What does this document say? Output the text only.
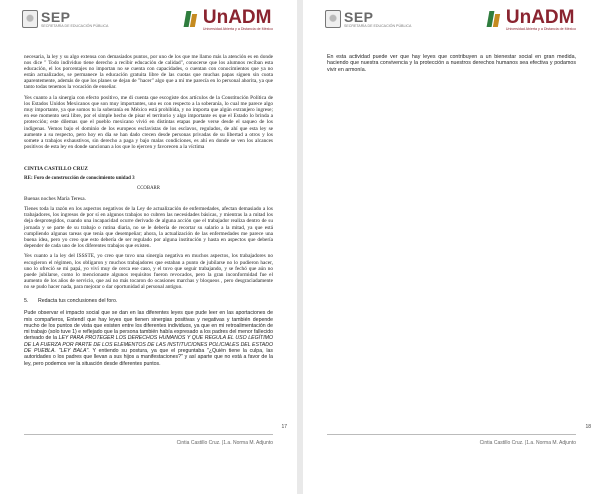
SEP
SECRETARÍA DE EDUCACIÓN PÚBLICA	UnADM
Universidad Abierta y a Distancia de México

necesaria, la ley y su algo extensa con demasiados puntos, por uno de los que me llamo más la atención es en donde nos dice " Todo individuo tiene derecho a recibir educación de calidad", conocerse que los alumnos reciban esta educación, el los porcentajes no importan no se cuenta con capacidades, o cuentan con conocimientos que ya no están actualizados, se permanece la educación gratuita libre de las cuotas que muchas papas siguen sin cuota aparentemente, además de que los planes se dejan de "hacer" algo que a mí me parecía en lo personal ahorita, ya que tanto todas tenemos la vocación de enseñar.

Yes cuanto a la sinergia con efecto positivo, me di cuenta que escogiste dos artículos de la Constitución Política de los Estados Unidos Mexicanos que son muy importantes, uno es con respecto a la soberanía, lo cual me parece algo muy importante, ya que somos tu la soberanía en México está prohibida, y no importa que algún extranjero ingrese; en ese momento será libre, por el simple hecho de pisar el territorio y algo importante es que el Estado lo brinda a protección; este dilemas que el pueblo mexicano vivió en distintas etapas puede verse desde el saqueo de los indígenas. Vemos bajo el dominio de los europeos esclavistas de los esclavos, regulados, de ahí que esta ley se aumente a su respecto, pero hoy en día se han dado crecen desde personas privadas de su libertad a otros y los somete a trabajos exhaustivos, sin derecho a paga y bajo malas condiciones, es ahí en donde se ven los alcances positivos de esta ley en donde sancionan a los que lo ejercen y favorecen a la víctima

CINTIA CASTILLO CRUZ

RE: Foro de construcción de conocimiento unidad 3

CCOBARR

Buenas noches María Teresa.

Tienes toda la razón en los aspectos negativos de la Ley de actualización de enfermedades, afectan demasiado a los trabajadores, los ingresos de por sí en algunos trabajos no cubren las necesidades básicas, y mientras la a mitad los deja desprotegidos, cuando una incapacidad ocurre derivado de alguna acción que el trabajador realiza dentro de su jornada y se parte de su trabajo o rutina diaria, no se le debería de recortar su salario a la mitad, ya que está cumpliendo algunas tareas que tenía que desempeñar; ahora, la actualización de las enfermedades me parece una buena idea, pero yo creo que esto debería de ser regulado por alguna institución y hasta en aspectos que debería depender de cada uno de los diferentes trabajos que existen.

Yes cuanto a la ley del ISSSTE, yo creo que tuvo una sinergia negativa en muchos aspectos, los trabajadores no escogieron el régimen, los obligaron y muchos trabajadores que estaban a punto de jubilarse no lo pudieron hacer, uno lo ofreció se mi papá, yo viví muy de cerca ese caso, y el tuvo que seguir trabajando, y se fechó que aún no puede jubilarse, como lo mencionaste algunos requisitos fueron revocados, pero la gran inconformidad fue el aumento de los años de servicio, que así no más tocaron do ocasiones marchas y bloqueos , pero desgraciadamente no se pudo hacer nada, para mejorar o dar oportunidad al personal antiguo.

5.	Redacta tus conclusiones del foro.

Pude observar el impacto social que se dan en las diferentes leyes que pude leer en las aportaciones de mis compañeros, Entendí que hay leyes que tienen sinergias positivas y negativas y también depende mucho de los puntos de vista que existen entre los diferentes individuos, ya que en mi retroalimentación de mi trabajo (solo tuve 1) e reflejado que la persona también había expresado a los padres del menor fallecido derivado de la LEY PARA PROTEGER LOS DERECHOS HUMANOS Y QUE REGULA EL USO LEGÍTIMO DE LA FUERZA POR PARTE DE LOS ELEMENTOS DE LAS INSTITUCIONES POLICIALES DEL ESTADO DE PUEBLA. "LEY BALA". Y entiendo su postura, ya que el preguntaba "¿Quién tiene la culpa, las autoridades o los padres que llevan a sus hijos a manifestaciones?" y así aparte que no está a favor de la ley, pero podemos ver la situación desde diferentes puntos.

17
Cintia Castillo Cruz. |1.a. Norma M. Adjunto
SEP
SECRETARÍA DE EDUCACIÓN PÚBLICA	UnADM
Universidad Abierta y a Distancia de México

En esta actividad puede ver que hay leyes que contribuyen a un bienestar social en gran medida, haciendo que nuestra convivencia y la protección a nuestros derechos humanos sea efectiva y podamos vivir en armonía.

18
Cintia Castillo Cruz. |1.a. Norma M. Adjunto
